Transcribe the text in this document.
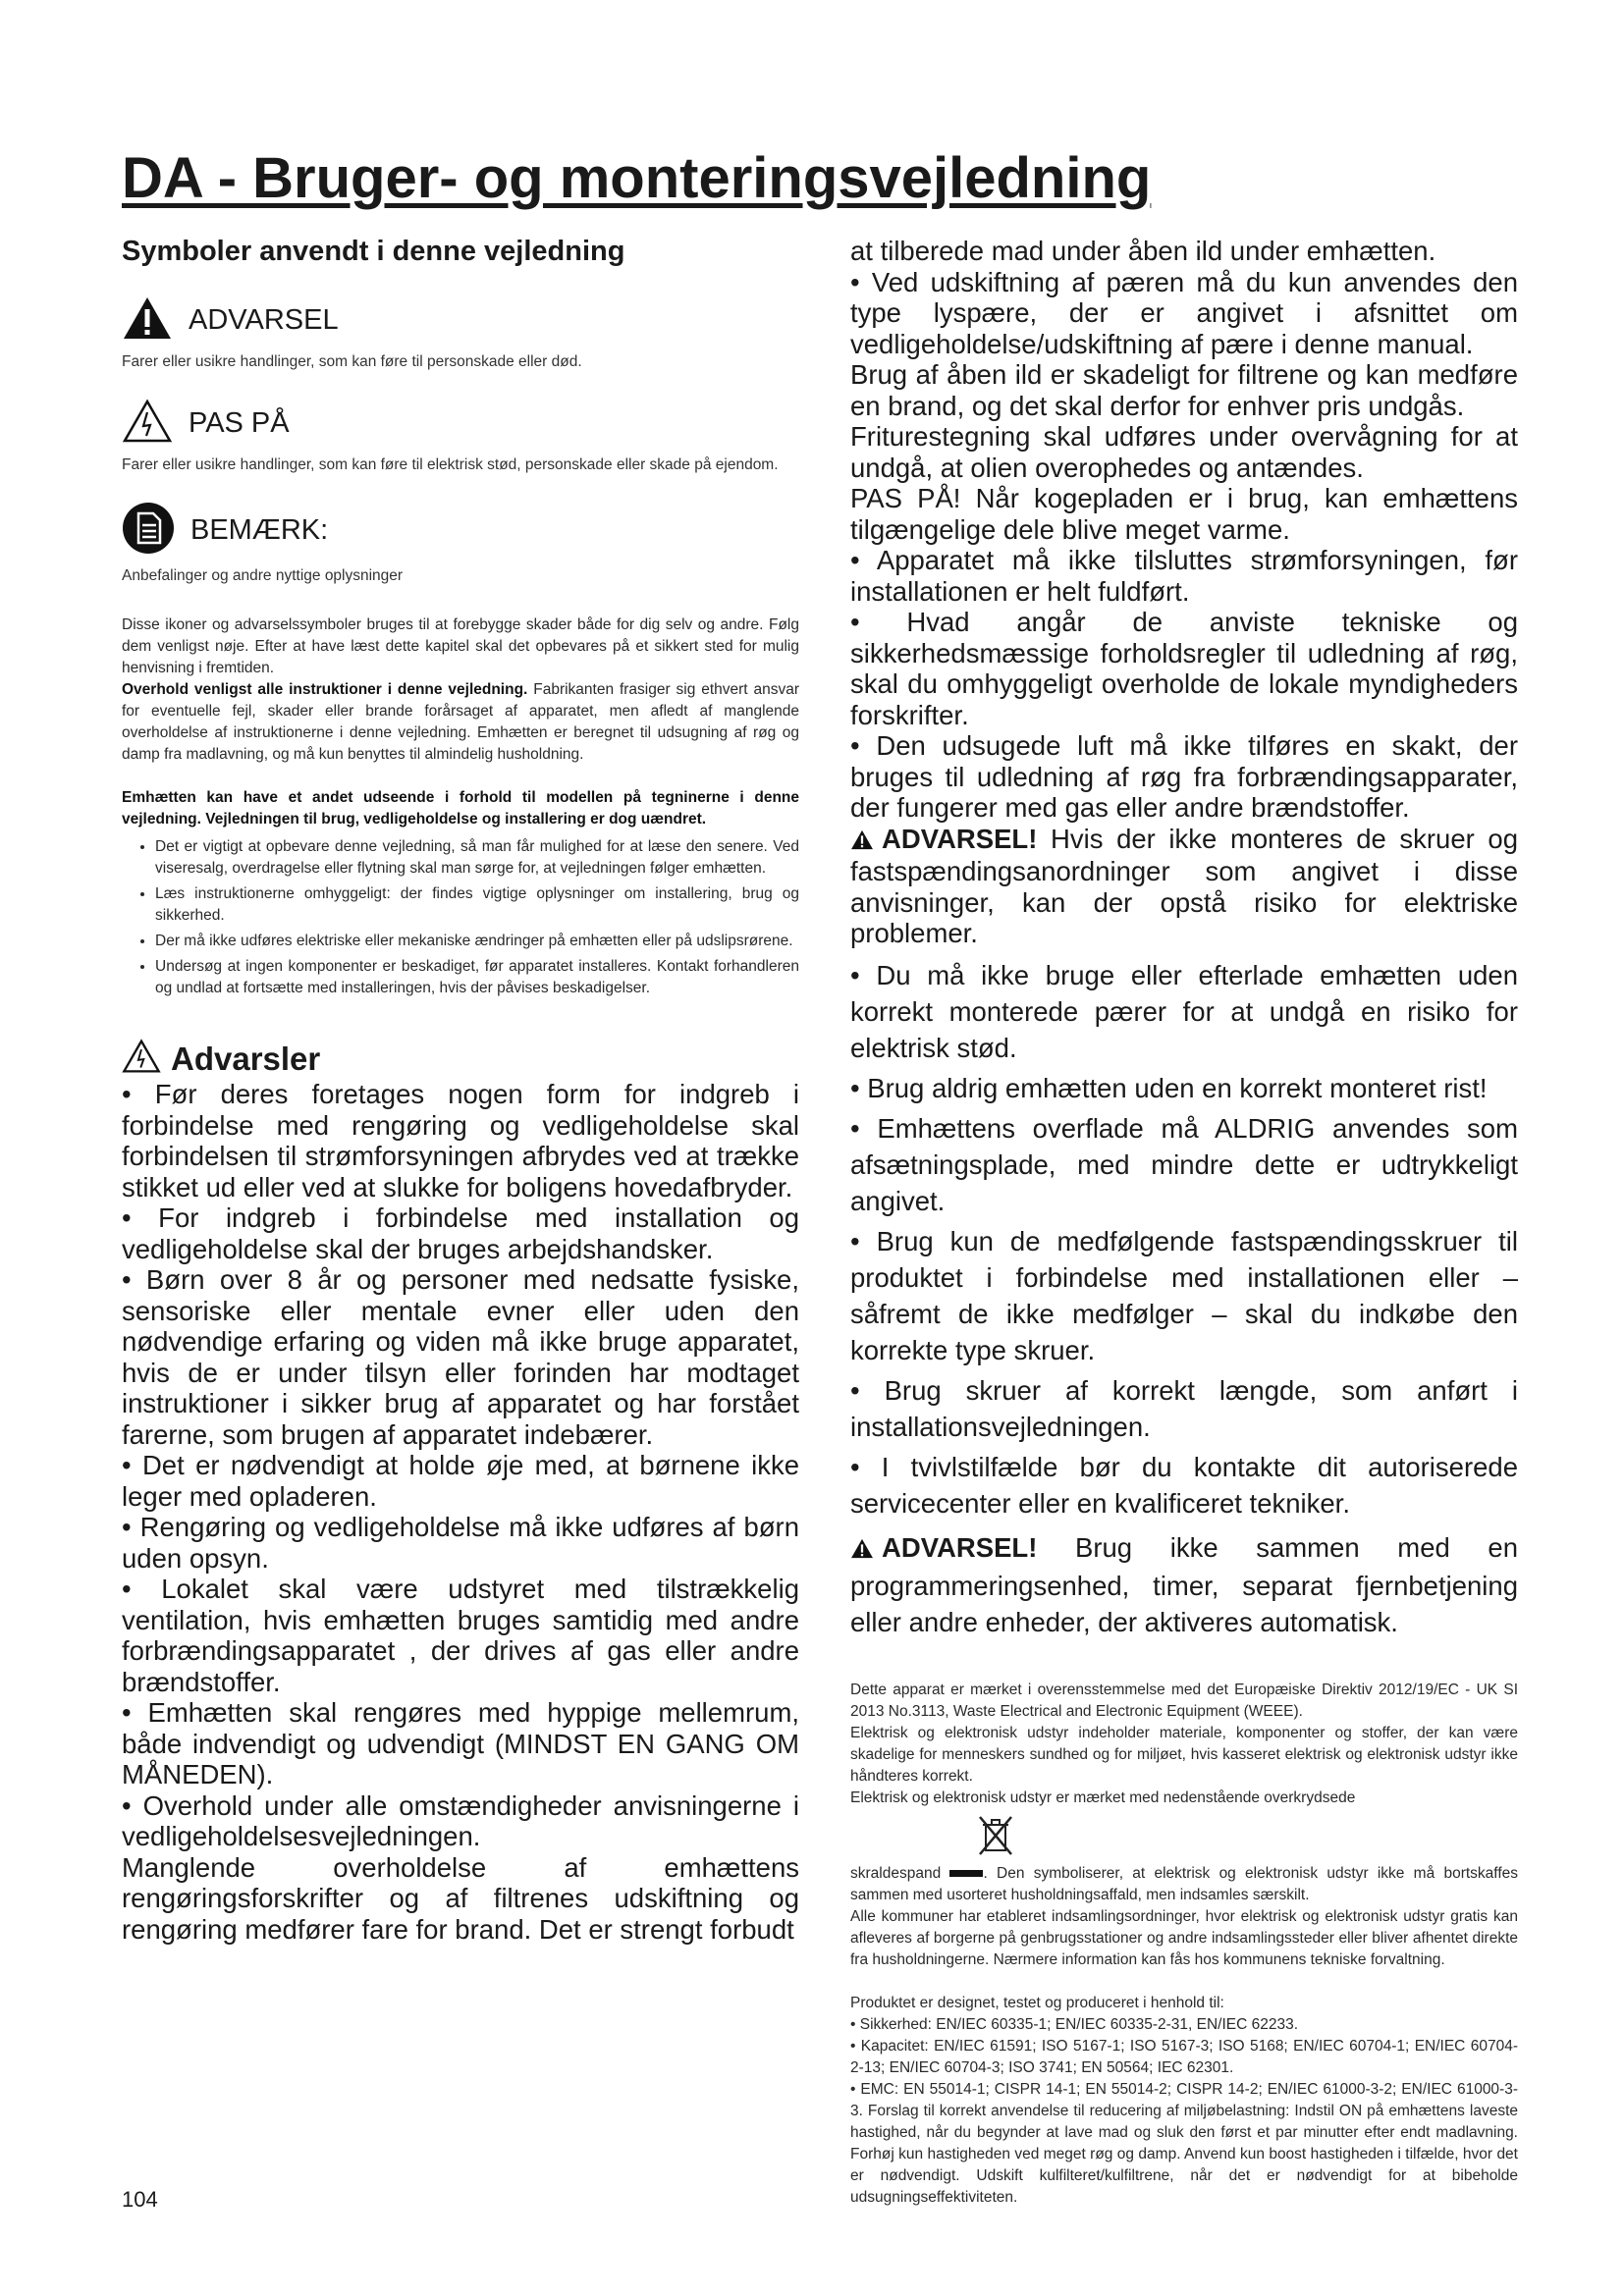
DA - Bruger- og monteringsvejledning
Symboler anvendt i denne vejledning
ADVARSEL

Farer eller usikre handlinger, som kan føre til personskade eller død.

PAS PÅ

Farer eller usikre handlinger, som kan føre til elektrisk stød, personskade eller skade på ejendom.

BEMÆRK:

Anbefalinger og andre nyttige oplysninger

Disse ikoner og advarselssymboler bruges til at forebygge skader både for dig selv og andre. Følg dem venligst nøje. Efter at have læst dette kapitel skal det opbevares på et sikkert sted for mulig henvisning i fremtiden.

Overhold venligst alle instruktioner i denne vejledning. Fabrikanten frasiger sig ethvert ansvar for eventuelle fejl, skader eller brande forårsaget af apparatet, men afledt af manglende overholdelse af instruktionerne i denne vejledning. Emhætten er beregnet til udsugning af røg og damp fra madlavning, og må kun benyttes til almindelig husholdning.

Emhætten kan have et andet udseende i forhold til modellen på tegninerne i denne vejledning. Vejledningen til brug, vedligeholdelse og installering er dog uændret.

• Det er vigtigt at opbevare denne vejledning, så man får mulighed for at læse den senere. Ved viseresalg, overdragelse eller flytning skal man sørge for, at vejledningen følger emhætten.
• Læs instruktionerne omhyggeligt: der findes vigtige oplysninger om installering, brug og sikkerhed.
• Der må ikke udføres elektriske eller mekaniske ændringer på emhætten eller på udslipsrørene.
• Undersøg at ingen komponenter er beskadiget, før apparatet installeres. Kontakt forhandleren og undlad at fortsætte med installeringen, hvis der påvises beskadigelser.
Advarsler

• Før deres foretages nogen form for indgreb i forbindelse med rengøring og vedligeholdelse skal forbindelsen til strømforsyningen afbrydes ved at trække stikket ud eller ved at slukke for boligens hovedafbryder.

• For indgreb i forbindelse med installation og vedligeholdelse skal der bruges arbejdshandsker.

• Børn over 8 år og personer med nedsatte fysiske, sensoriske eller mentale evner eller uden den nødvendige erfaring og viden må ikke bruge apparatet, hvis de er under tilsyn eller forinden har modtaget instruktioner i sikker brug af apparatet og har forstået farerne, som brugen af apparatet indebærer.

• Det er nødvendigt at holde øje med, at børnene ikke leger med opladeren.

• Rengøring og vedligeholdelse må ikke udføres af børn uden opsyn.

• Lokalet skal være udstyret med tilstrækkelig ventilation, hvis emhætten bruges samtidig med andre forbrændingsapparatet , der drives af gas eller andre brændstoffer.

• Emhætten skal rengøres med hyppige mellemrum, både indvendigt og udvendigt (MINDST EN GANG OM MÅNEDEN).

• Overhold under alle omstændigheder anvisningerne i vedligeholdelsesvejledningen.

Manglende overholdelse af emhættens rengøringsforskrifter og af filtrenes udskiftning og rengøring medfører fare for brand. Det er strengt forbudt

at tilberede mad under åben ild under emhætten.

• Ved udskiftning af pæren må du kun anvendes den type lyspære, der er angivet i afsnittet om vedligeholdelse/udskiftning af pære i denne manual.

Brug af åben ild er skadeligt for filtrene og kan medføre en brand, og det skal derfor for enhver pris undgås.

Friturestegning skal udføres under overvågning for at undgå, at olien overophedes og antændes.

PAS PÅ! Når kogepladen er i brug, kan emhættens tilgængelige dele blive meget varme.

• Apparatet må ikke tilsluttes strømforsyningen, før installationen er helt fuldført.

• Hvad angår de anviste tekniske og sikkerhedsmæssige forholdsregler til udledning af røg, skal du omhyggeligt overholde de lokale myndigheders forskrifter.

• Den udsugede luft må ikke tilføres en skakt, der bruges til udledning af røg fra forbrændingsapparater, der fungerer med gas eller andre brændstoffer.

ADVARSEL! Hvis der ikke monteres de skruer og fastspændingsanordninger som angivet i disse anvisninger, kan der opstå risiko for elektriske problemer.

• Du må ikke bruge eller efterlade emhætten uden korrekt monterede pærer for at undgå en risiko for elektrisk stød.

• Brug aldrig emhætten uden en korrekt monteret rist!

• Emhættens overflade må ALDRIG anvendes som afsætningsplade, med mindre dette er udtrykkeligt angivet.

• Brug kun de medfølgende fastspændingsskruer til produktet i forbindelse med installationen eller – såfremt de ikke medfølger – skal du indkøbe den korrekte type skruer.

• Brug skruer af korrekt længde, som anført i installationsvejledningen.

• I tvivlstilfælde bør du kontakte dit autoriserede servicecenter eller en kvalificeret tekniker.

ADVARSEL! Brug ikke sammen med en programmeringsenhed, timer, separat fjernbetjening eller andre enheder, der aktiveres automatisk.

Dette apparat er mærket i overensstemmelse med det Europæiske Direktiv 2012/19/EC - UK SI 2013 No.3113, Waste Electrical and Electronic Equipment (WEEE).

Elektrisk og elektronisk udstyr indeholder materiale, komponenter og stoffer, der kan være skadelige for menneskers sundhed og for miljøet, hvis kasseret elektrisk og elektronisk udstyr ikke håndteres korrekt.

Elektrisk og elektronisk udstyr er mærket med nedenstående overkrydsede

skraldespand	. Den symboliserer, at elektrisk og elektronisk udstyr ikke må bortskaffes sammen med usorteret husholdningsaffald, men indsamles særskilt.

Alle kommuner har etableret indsamlingsordninger, hvor elektrisk og elektronisk udstyr gratis kan afleveres af borgerne på genbrugsstationer og andre indsamlingssteder eller bliver afhentet direkte fra husholdningerne. Nærmere information kan fås hos kommunens tekniske forvaltning.

Produktet er designet, testet og produceret i henhold til:

• Sikkerhed: EN/IEC 60335-1; EN/IEC 60335-2-31, EN/IEC 62233.

• Kapacitet: EN/IEC 61591; ISO 5167-1; ISO 5167-3; ISO 5168; EN/IEC 60704-1; EN/IEC 60704-2-13; EN/IEC 60704-3; ISO 3741; EN 50564; IEC 62301.

• EMC: EN 55014-1; CISPR 14-1; EN 55014-2; CISPR 14-2; EN/IEC 61000-3-2; EN/IEC 61000-3-3. Forslag til korrekt anvendelse til reducering af miljøbelastning: Indstil ON på emhættens laveste hastighed, når du begynder at lave mad og sluk den først et par minutter efter endt madlavning. Forhøj kun hastigheden ved meget røg og damp. Anvend kun boost hastigheden i tilfælde, hvor det er nødvendigt. Udskift kulfilteret/kulfiltrene, når det er nødvendigt for at bibeholde udsugningseffektiviteten.

104
